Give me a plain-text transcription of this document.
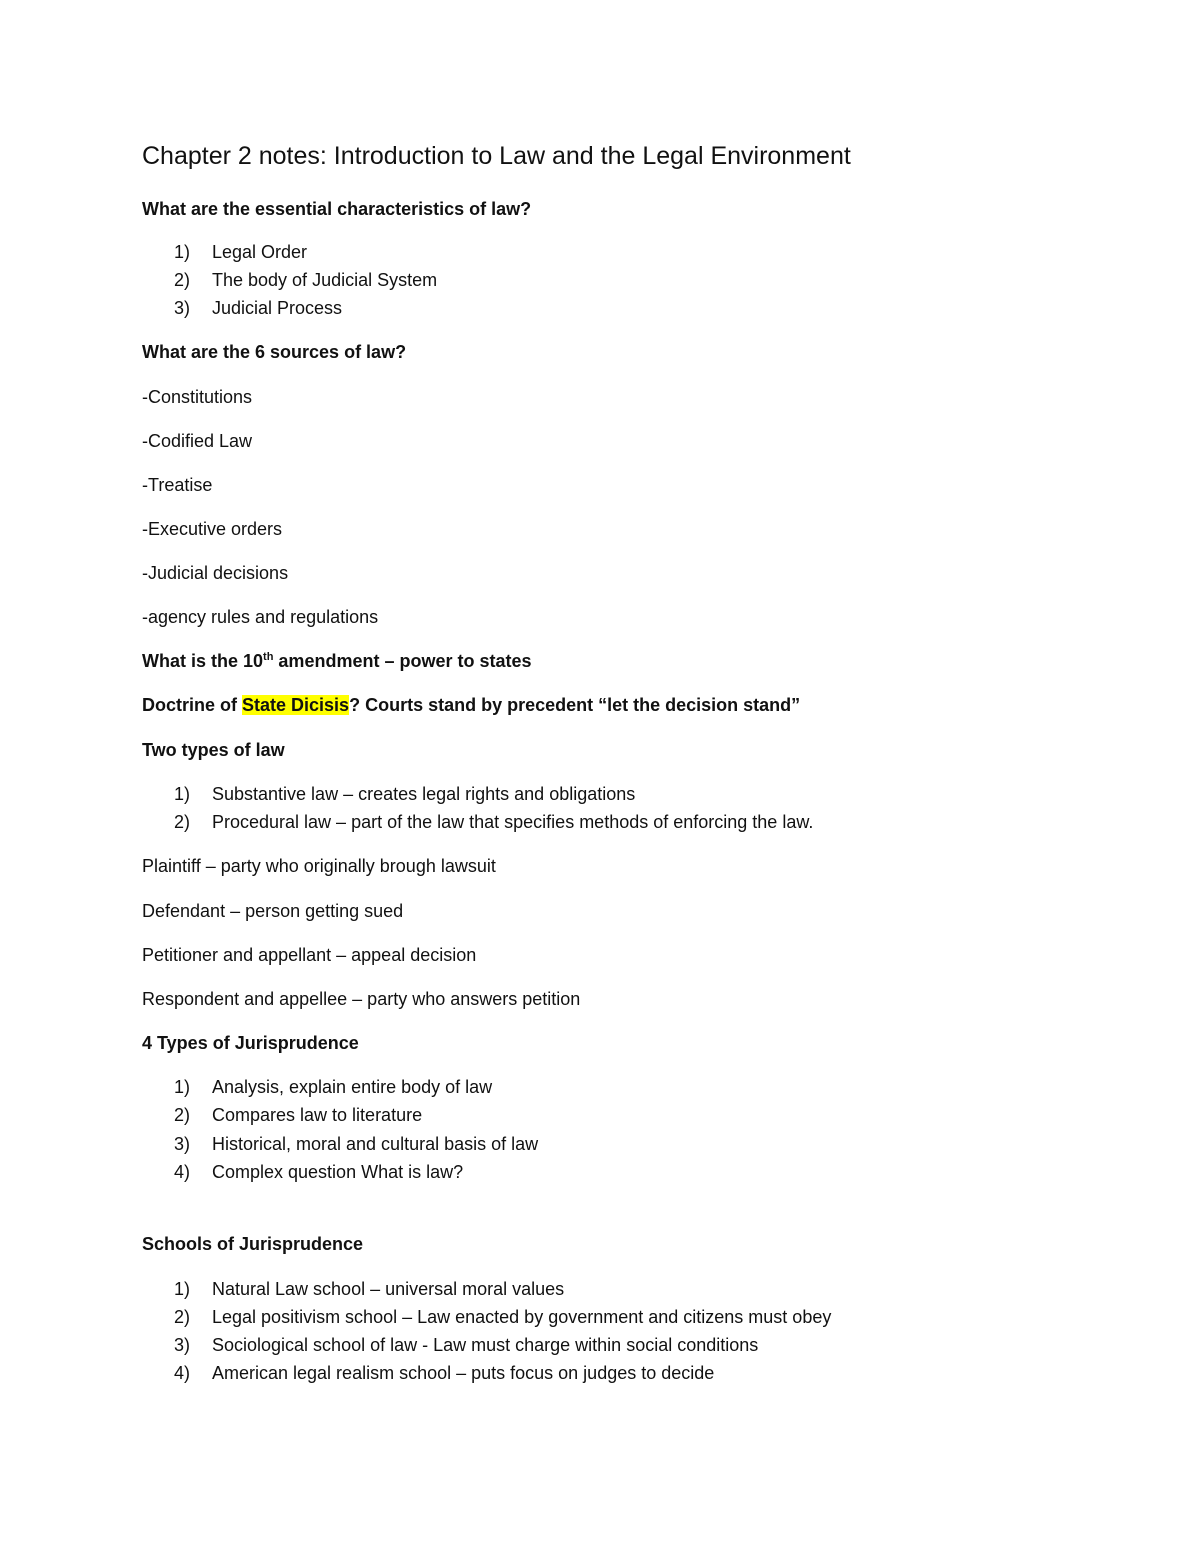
Chapter 2 notes: Introduction to Law and the Legal Environment
What are the essential characteristics of law?
1) Legal Order
2) The body of Judicial System
3) Judicial Process
What are the 6 sources of law?
-Constitutions
-Codified Law
-Treatise
-Executive orders
-Judicial decisions
-agency rules and regulations
What is the 10th amendment – power to states
Doctrine of State Dicisis? Courts stand by precedent “let the decision stand”
Two types of law
1) Substantive law – creates legal rights and obligations
2) Procedural law – part of the law that specifies methods of enforcing the law.
Plaintiff – party who originally brough lawsuit
Defendant – person getting sued
Petitioner and appellant – appeal decision
Respondent and appellee – party who answers petition
4 Types of Jurisprudence
1) Analysis, explain entire body of law
2) Compares law to literature
3) Historical, moral and cultural basis of law
4) Complex question What is law?
Schools of Jurisprudence
1) Natural Law school – universal moral values
2) Legal positivism school – Law enacted by government and citizens must obey
3) Sociological school of law - Law must charge within social conditions
4) American legal realism school – puts focus on judges to decide
